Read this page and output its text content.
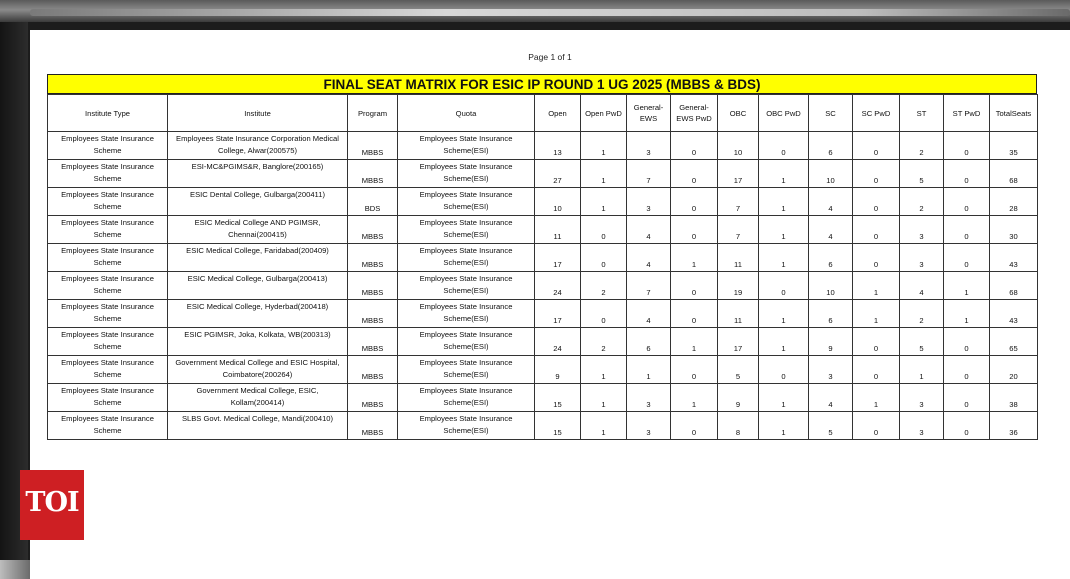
Page 1 of 1
FINAL SEAT MATRIX FOR ESIC IP ROUND 1 UG 2025 (MBBS & BDS)
Institute Type	Institute	Program	Quota	Open	Open PwD	General-EWS	General-EWS PwD	OBC	OBC PwD	SC	SC PwD	ST	ST PwD	TotalSeats
Employees State Insurance Scheme	Employees State Insurance Corporation Medical College, Alwar(200575)	MBBS	Employees State Insurance Scheme(ESI)	13	1	3	0	10	0	6	0	2	0	35
Employees State Insurance Scheme	ESI-MC&PGIMS&R, Banglore(200165)	MBBS	Employees State Insurance Scheme(ESI)	27	1	7	0	17	1	10	0	5	0	68
Employees State Insurance Scheme	ESIC Dental College, Gulbarga(200411)	BDS	Employees State Insurance Scheme(ESI)	10	1	3	0	7	1	4	0	2	0	28
Employees State Insurance Scheme	ESIC Medical College AND PGIMSR, Chennai(200415)	MBBS	Employees State Insurance Scheme(ESI)	11	0	4	0	7	1	4	0	3	0	30
Employees State Insurance Scheme	ESIC Medical College, Faridabad(200409)	MBBS	Employees State Insurance Scheme(ESI)	17	0	4	1	11	1	6	0	3	0	43
Employees State Insurance Scheme	ESIC Medical College, Gulbarga(200413)	MBBS	Employees State Insurance Scheme(ESI)	24	2	7	0	19	0	10	1	4	1	68
Employees State Insurance Scheme	ESIC Medical College, Hyderbad(200418)	MBBS	Employees State Insurance Scheme(ESI)	17	0	4	0	11	1	6	1	2	1	43
Employees State Insurance Scheme	ESIC PGIMSR, Joka, Kolkata, WB(200313)	MBBS	Employees State Insurance Scheme(ESI)	24	2	6	1	17	1	9	0	5	0	65
Employees State Insurance Scheme	Government Medical College and ESIC Hospital, Coimbatore(200264)	MBBS	Employees State Insurance Scheme(ESI)	9	1	1	0	5	0	3	0	1	0	20
Employees State Insurance Scheme	Government Medical College, ESIC, Kollam(200414)	MBBS	Employees State Insurance Scheme(ESI)	15	1	3	1	9	1	4	1	3	0	38
Employees State Insurance Scheme	SLBS Govt. Medical College, Mandi(200410)	MBBS	Employees State Insurance Scheme(ESI)	15	1	3	0	8	1	5	0	3	0	36
TOI
